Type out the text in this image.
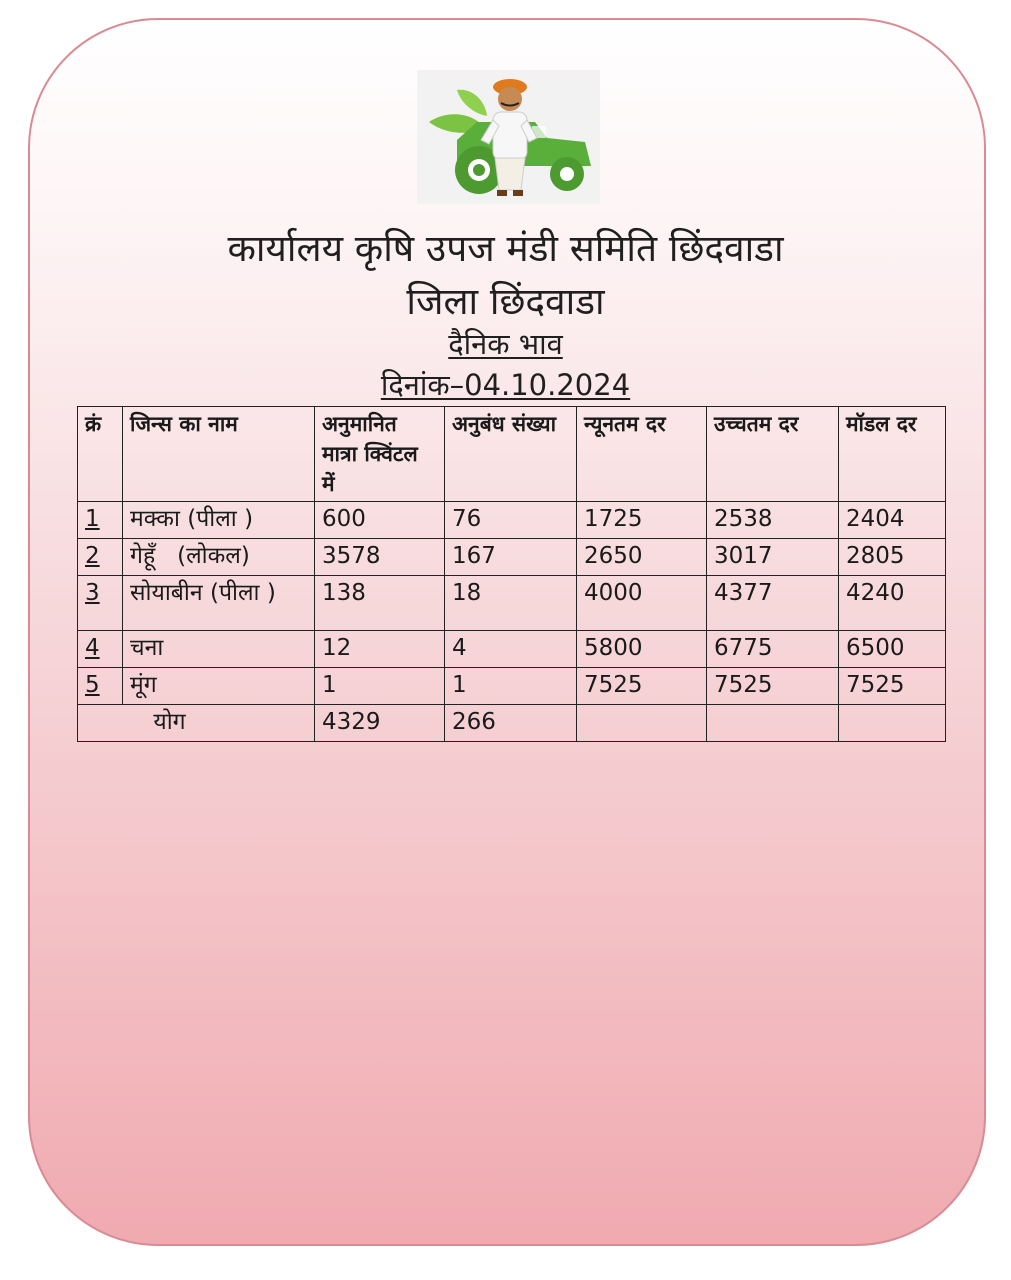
कार्यालय कृषि उपज मंडी समिति छिंदवाडा
जिला छिंदवाडा
दैनिक भाव
दिनांक–04.10.2024
क्रं	जिन्स का नाम	अनुमानित मात्रा क्विंटल में	अनुबंध संख्या	न्यूनतम दर	उच्चतम दर	मॉडल दर
1	मक्का (पीला )	600	76	1725	2538	2404
2	गेहूँ   (लोकल)	3578	167	2650	3017	2805
3	सोयाबीन (पीला )	138	18	4000	4377	4240
4	चना	12	4	5800	6775	6500
5	मूंग	1	1	7525	7525	7525
योग		4329	266			
